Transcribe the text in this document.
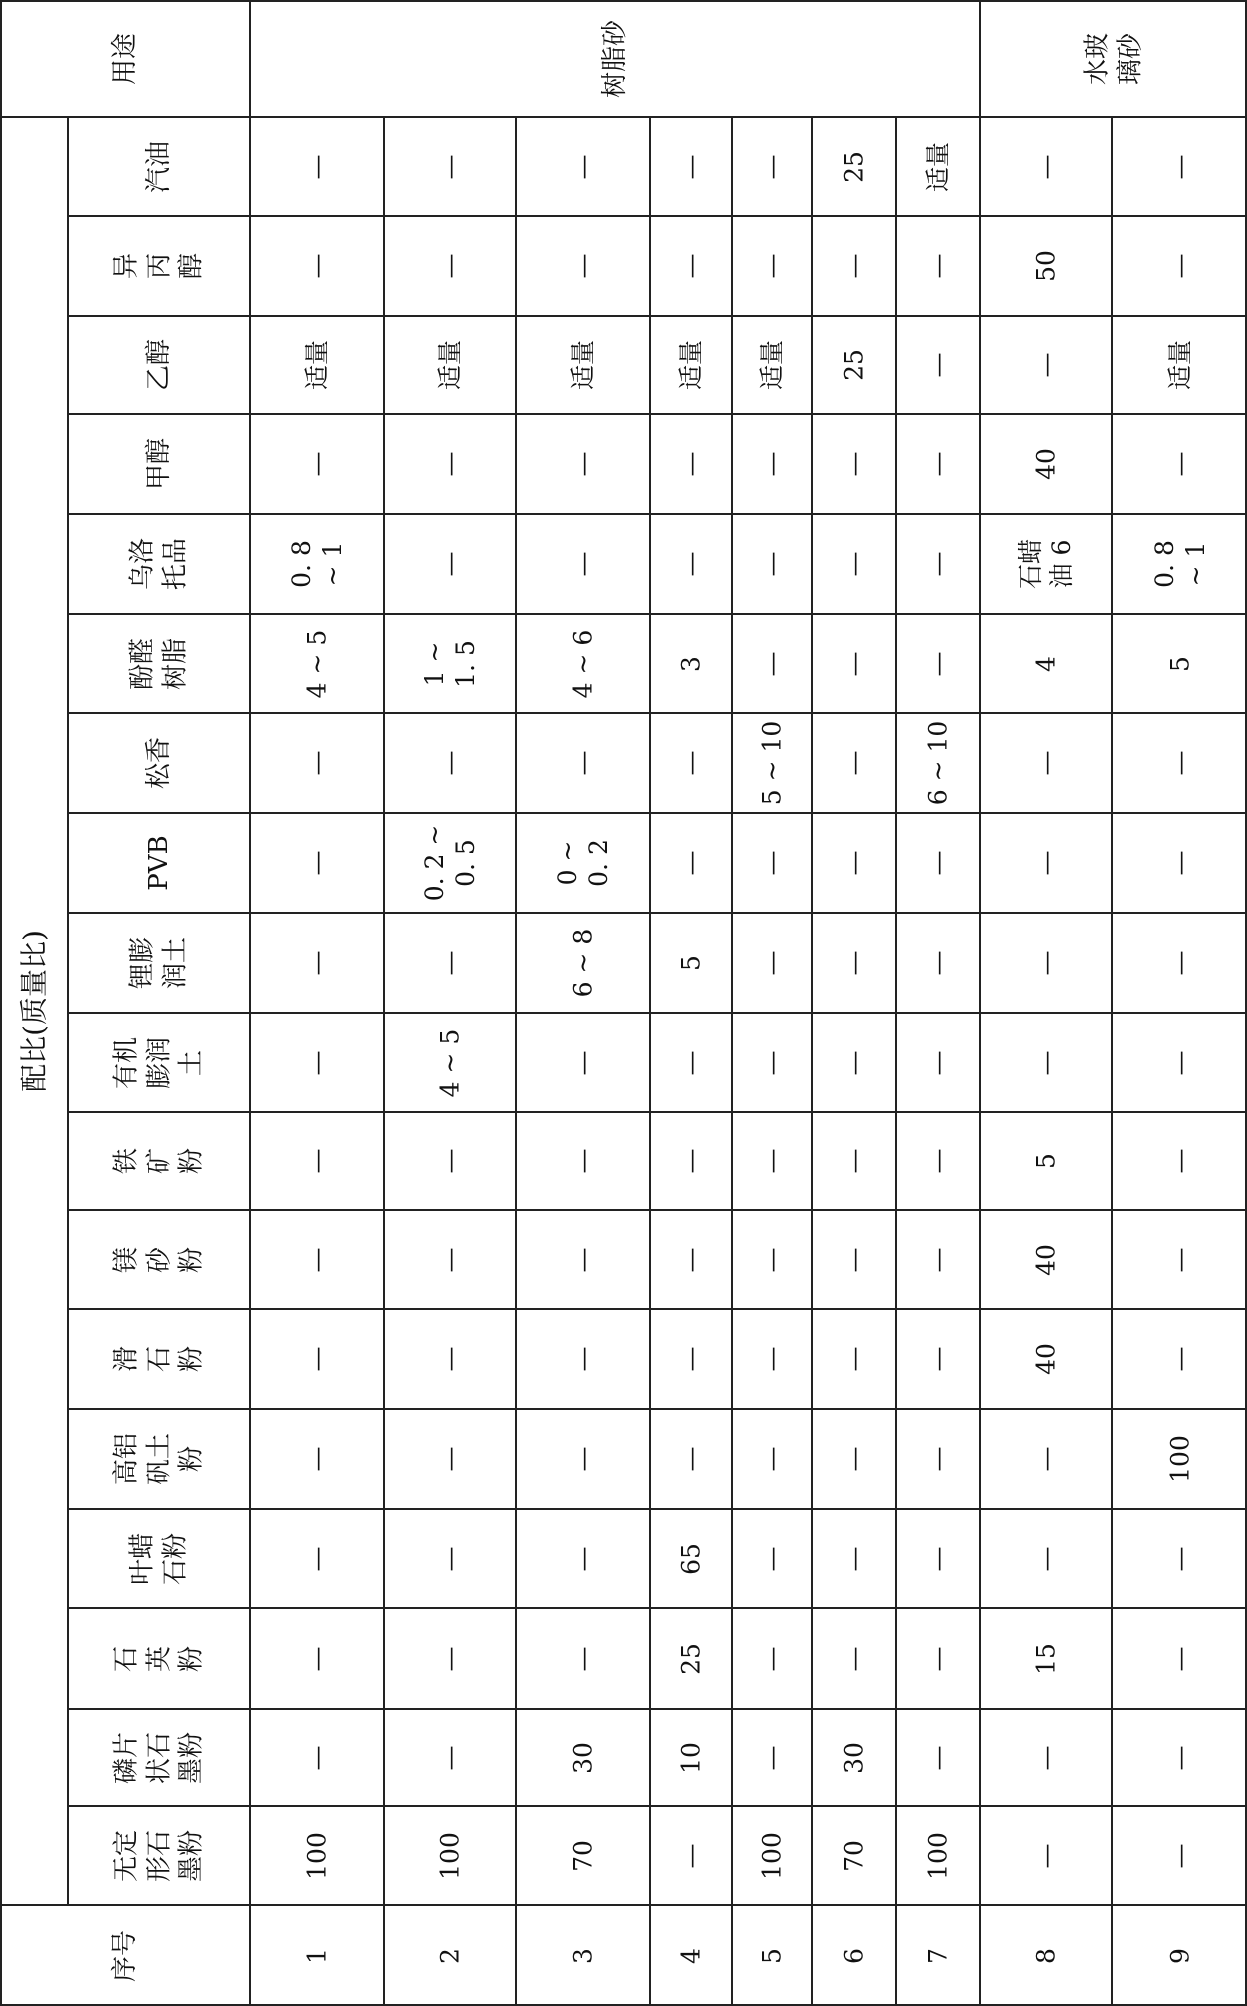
序号
用途
配比(质量比)
无定
形石
墨粉
磷片
状石
墨粉
石
英
粉
叶蜡
石粉
高铝
矾土
粉
滑
石
粉
镁
砂
粉
铁
矿
粉
有机
膨润
土
锂膨
润土
PVB
松香
酚醛
树脂
乌洛
托品
甲醇
乙醇
异
丙
醇
汽油
1
100
—
—
—
—
—
—
—
—
—
—
—
4 ~ 5
0. 8
~ 1
—
适量
—
—
2
100
—
—
—
—
—
—
—
4 ~ 5
—
0. 2 ~
0. 5
—
1 ~
1. 5
—
—
适量
—
—
3
70
30
—
—
—
—
—
—
—
6 ~ 8
0 ~
0. 2
—
4 ~ 6
—
—
适量
—
—
4
—
10
25
65
—
—
—
—
—
5
—
—
3
—
—
适量
—
—
5
100
—
—
—
—
—
—
—
—
—
—
5 ~ 10
—
—
—
适量
—
—
6
70
30
—
—
—
—
—
—
—
—
—
—
—
—
—
25
—
25
7
100
—
—
—
—
—
—
—
—
—
—
6 ~ 10
—
—
—
—
—
适量
8
—
—
15
—
—
40
40
5
—
—
—
—
4
石蜡
油 6
40
—
50
—
9
—
—
—
—
100
—
—
—
—
—
—
—
5
0. 8
~ 1
—
适量
—
—
树脂砂	水玻
璃砂
